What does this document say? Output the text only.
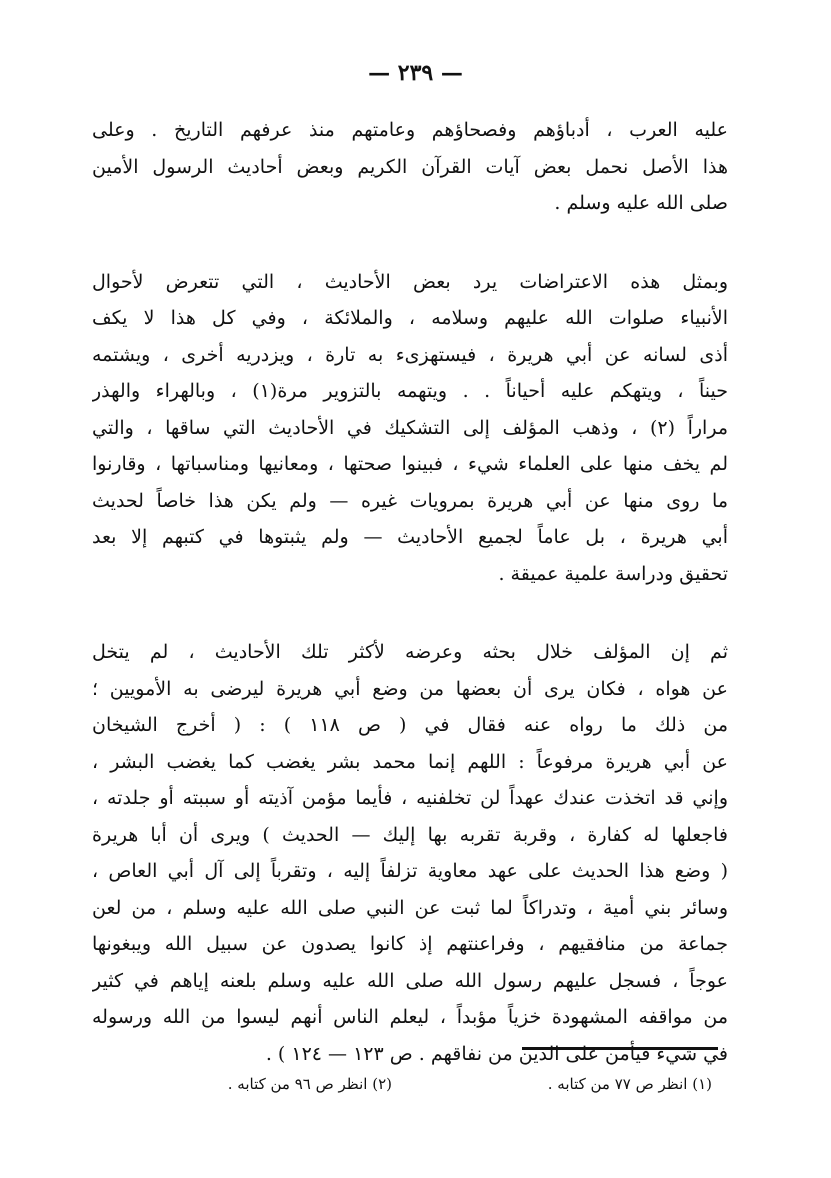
— ٢٣٩ —
عليه العرب ، أدباؤهم وفصحاؤهم وعامتهم منذ عرفهم التاريخ . وعلى
هذا الأصل نحمل بعض آيات القرآن الكريم وبعض أحاديث الرسول الأمين
صلى الله عليه وسلم .
وبمثل هذه الاعتراضات يرد بعض الأحاديث ، التي تتعرض لأحوال
الأنبياء صلوات الله عليهم وسلامه ، والملائكة ، وفي كل هذا لا يكف
أذى لسانه عن أبي هريرة ، فيستهزىء به تارة ، ويزدريه أخرى ، ويشتمه
حيناً ، ويتهكم عليه أحياناً . . ويتهمه بالتزوير مرة(١) ، وبالهراء والهذر
مراراً (٢) ، وذهب المؤلف إلى التشكيك في الأحاديث التي ساقها ، والتي
لم يخف منها على العلماء شيء ، فبينوا صحتها ، ومعانيها ومناسباتها ، وقارنوا
ما روى منها عن أبي هريرة بمرويات غيره — ولم يكن هذا خاصاً لحديث
أبي هريرة ، بل عاماً لجميع الأحاديث — ولم يثبتوها في كتبهم إلا بعد
تحقيق ودراسة علمية عميقة .
ثم إن المؤلف خلال بحثه وعرضه لأكثر تلك الأحاديث ، لم يتخل
عن هواه ، فكان يرى أن بعضها من وضع أبي هريرة ليرضى به الأمويين ؛
من ذلك ما رواه عنه فقال في ( ص ١١٨ ) : ( أخرج الشيخان
عن أبي هريرة مرفوعاً : اللهم إنما محمد بشر يغضب كما يغضب البشر ،
وإني قد اتخذت عندك عهداً لن تخلفنيه ، فأيما مؤمن آذيته أو سببته أو جلدته ،
فاجعلها له كفارة ، وقربة تقربه بها إليك — الحديث ) ويرى أن أبا هريرة
( وضع هذا الحديث على عهد معاوية تزلفاً إليه ، وتقرباً إلى آل أبي العاص ،
وسائر بني أمية ، وتدراكاً لما ثبت عن النبي صلى الله عليه وسلم ، من لعن
جماعة من منافقيهم ، وفراعنتهم إذ كانوا يصدون عن سبيل الله ويبغونها
عوجاً ، فسجل عليهم رسول الله صلى الله عليه وسلم بلعنه إياهم في كثير
من مواقفه المشهودة خزياً مؤبداً ، ليعلم الناس أنهم ليسوا من الله ورسوله
في شيء فيأمن على الدين من نفاقهم . ص ١٢٣ — ١٢٤ ) .
(١) انظر ص ٧٧ من كتابه .
(٢) انظر ص ٩٦ من كتابه .
